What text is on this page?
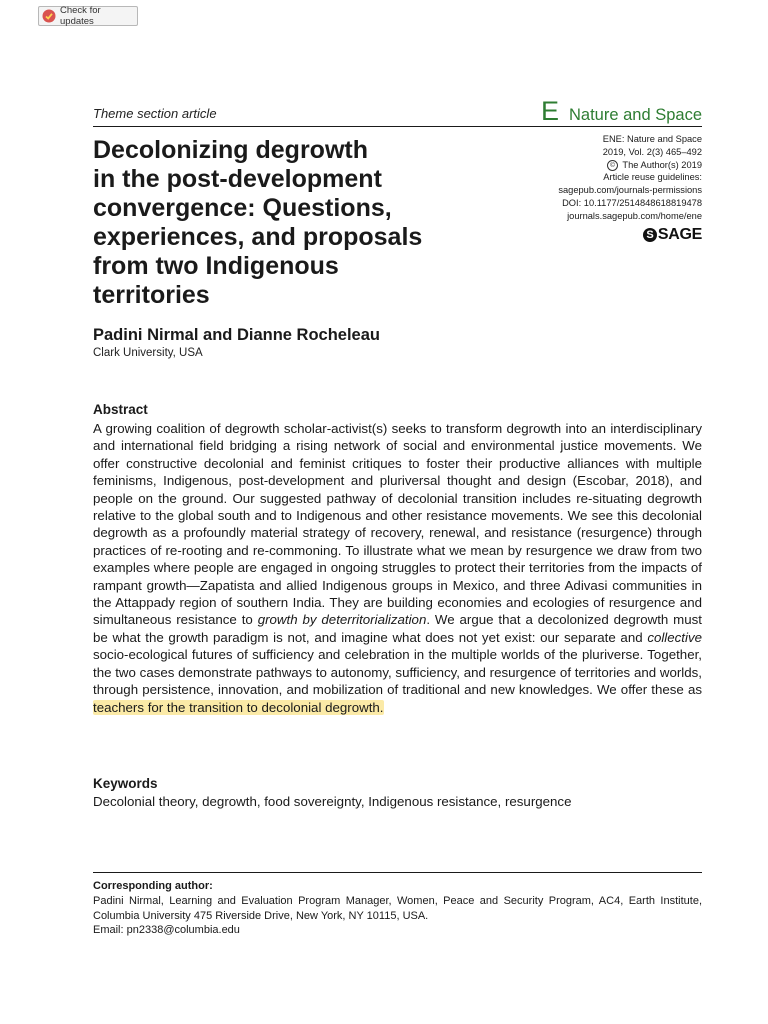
Check for updates
Theme section article	E Nature and Space
Decolonizing degrowth
in the post-development
convergence: Questions,
experiences, and proposals
from two Indigenous
territories
ENE: Nature and Space
2019, Vol. 2(3) 465–492
© The Author(s) 2019
Article reuse guidelines:
sagepub.com/journals-permissions
DOI: 10.1177/2514848618819478
journals.sagepub.com/home/ene
S SAGE
Padini Nirmal and Dianne Rocheleau
Clark University, USA
Abstract

A growing coalition of degrowth scholar-activist(s) seeks to transform degrowth into an interdisciplinary and international field bridging a rising network of social and environmental justice movements. We offer constructive decolonial and feminist critiques to foster their productive alliances with multiple feminisms, Indigenous, post-development and pluriversal thought and design (Escobar, 2018), and people on the ground. Our suggested pathway of decolonial transition includes re-situating degrowth relative to the global south and to Indigenous and other resistance movements. We see this decolonial degrowth as a profoundly material strategy of recovery, renewal, and resistance (resurgence) through practices of re-rooting and re-commoning. To illustrate what we mean by resurgence we draw from two examples where people are engaged in ongoing struggles to protect their territories from the impacts of rampant growth—Zapatista and allied Indigenous groups in Mexico, and three Adivasi communities in the Attappady region of southern India. They are building economies and ecologies of resurgence and simultaneous resistance to growth by deterritorialization. We argue that a decolonized degrowth must be what the growth paradigm is not, and imagine what does not yet exist: our separate and collective socio-ecological futures of sufficiency and celebration in the multiple worlds of the pluriverse. Together, the two cases demonstrate pathways to autonomy, sufficiency, and resurgence of territories and worlds, through persistence, innovation, and mobilization of traditional and new knowledges. We offer these as teachers for the transition to decolonial degrowth.

Keywords
Decolonial theory, degrowth, food sovereignty, Indigenous resistance, resurgence
Corresponding author:

Padini Nirmal, Learning and Evaluation Program Manager, Women, Peace and Security Program, AC4, Earth Institute, Columbia University 475 Riverside Drive, New York, NY 10115, USA.
Email: pn2338@columbia.edu
